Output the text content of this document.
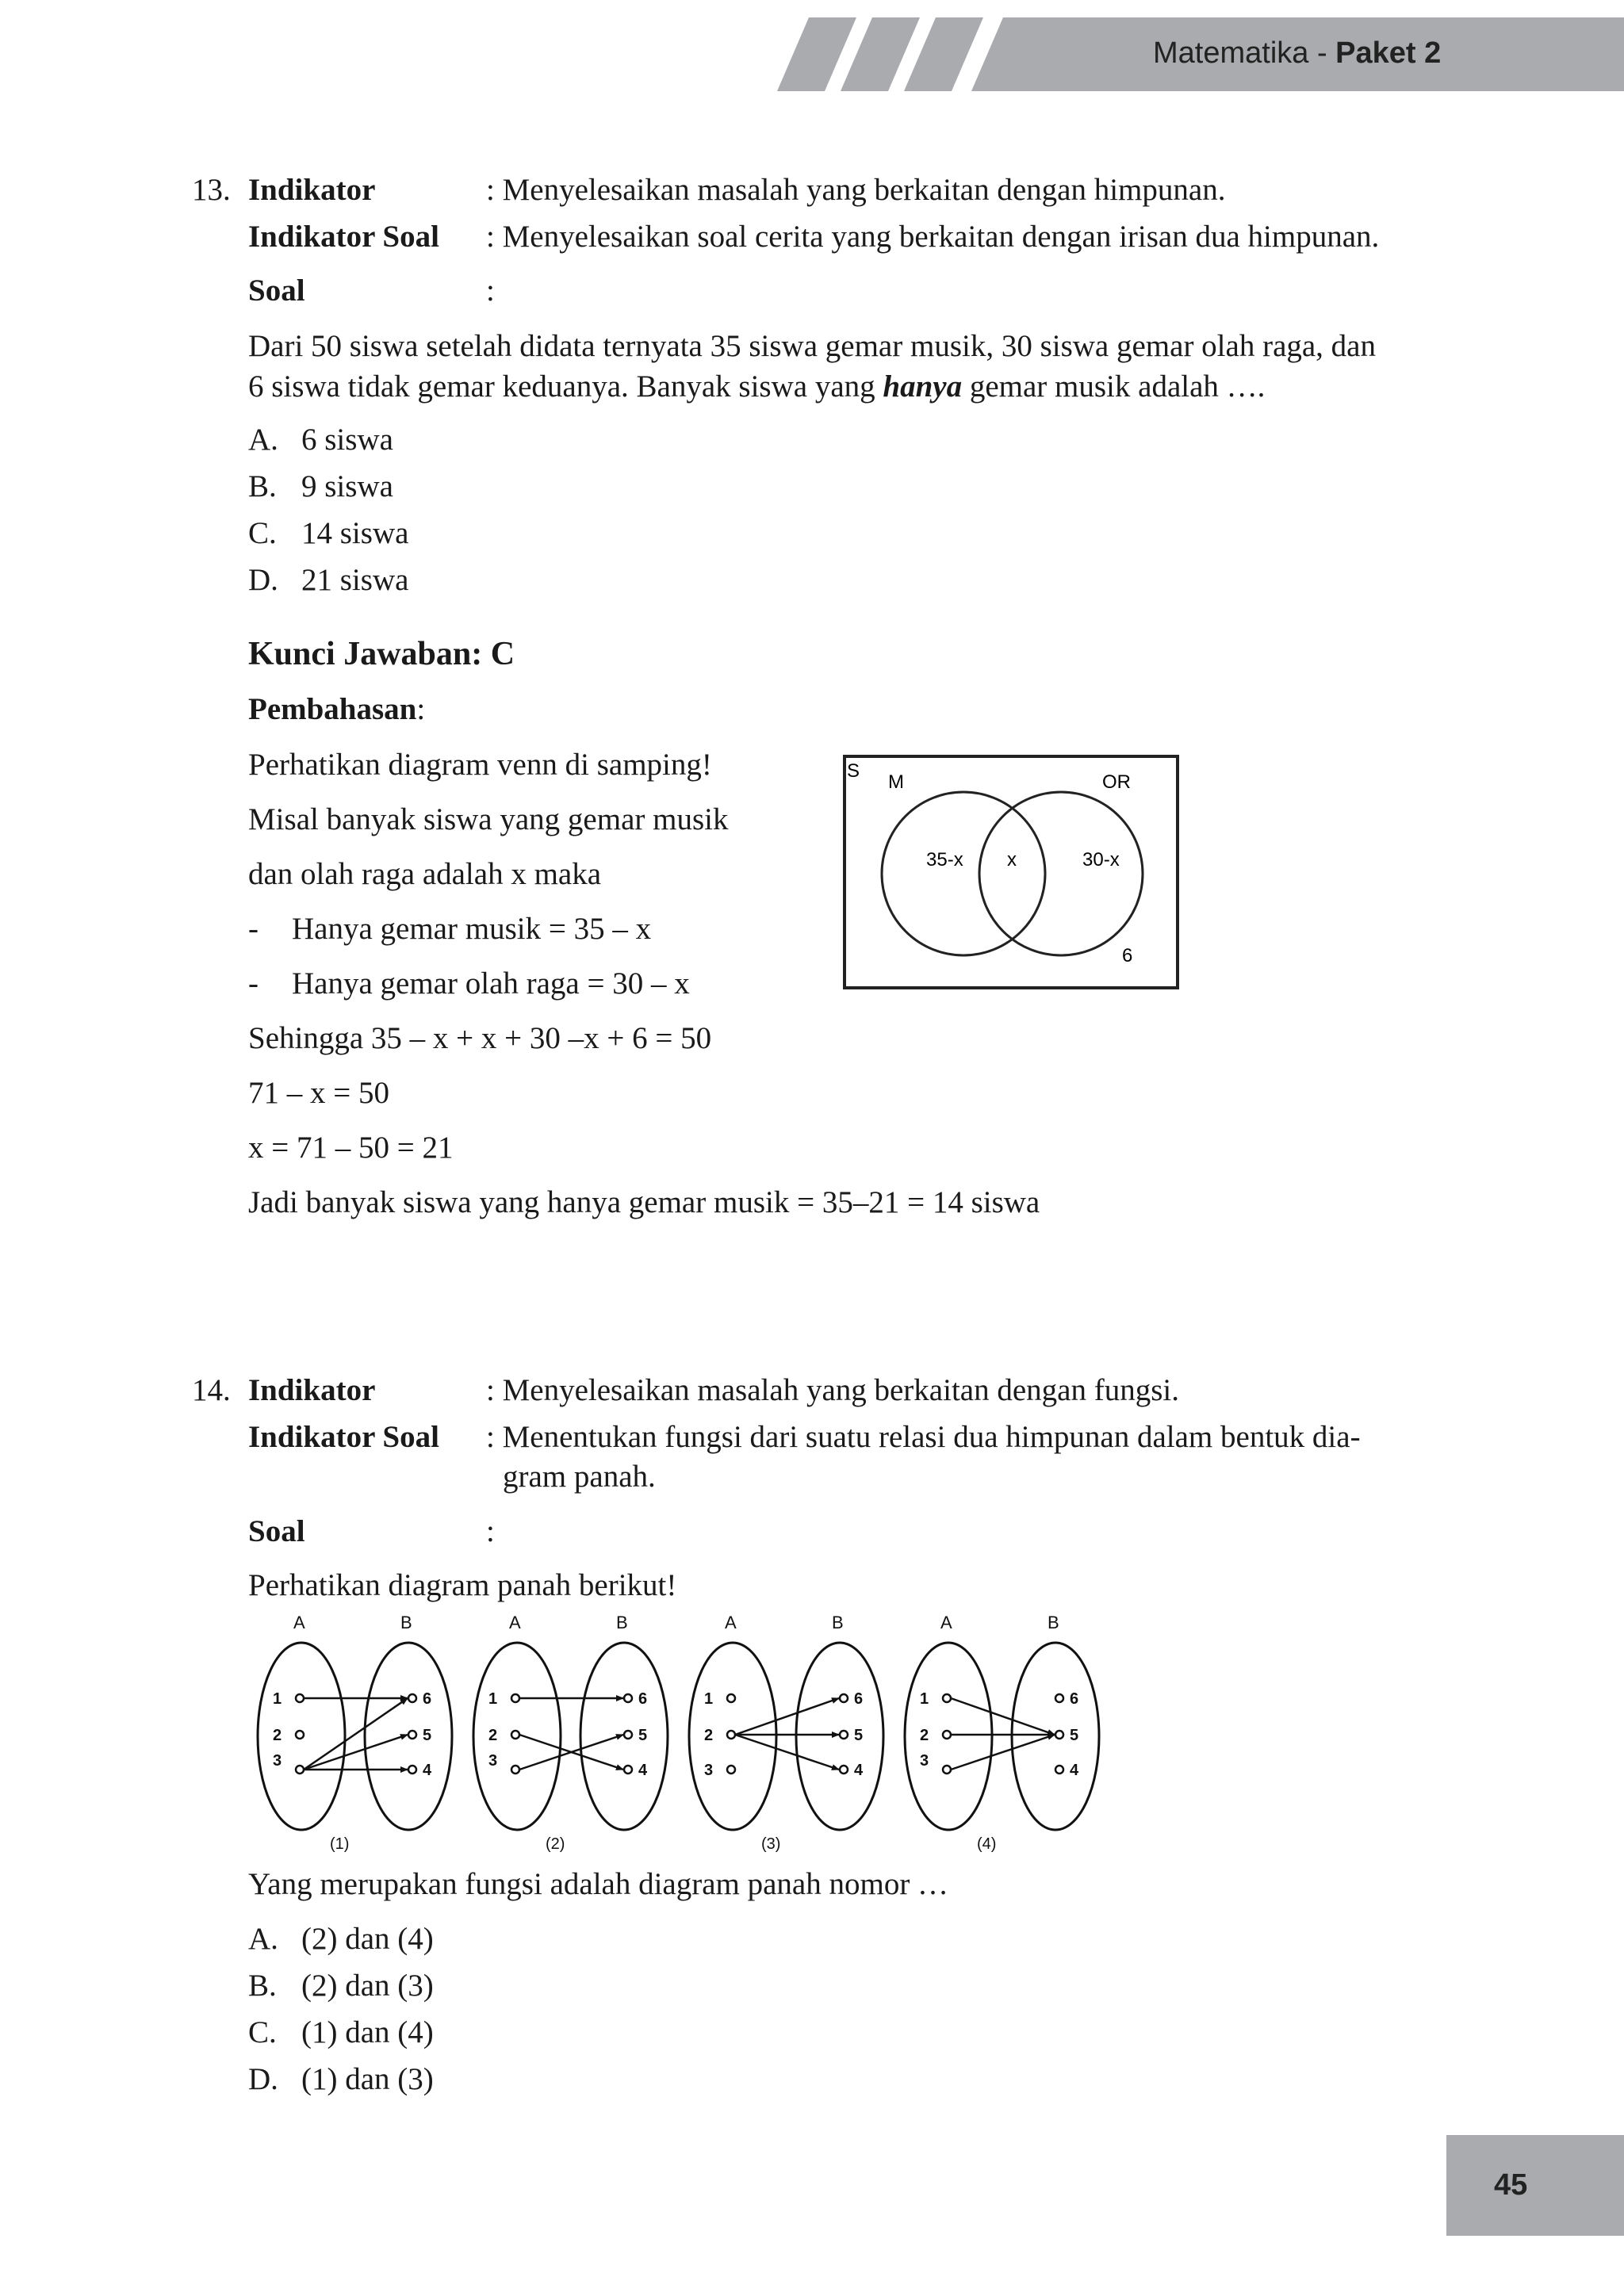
Matematika - Paket 2
13. Indikator	: Menyelesaikan masalah yang berkaitan dengan himpunan.
Indikator Soal : Menyelesaikan soal cerita yang berkaitan dengan irisan dua himpunan.
Soal	:
Dari 50 siswa setelah didata ternyata 35 siswa gemar musik, 30 siswa gemar olah raga, dan
6 siswa tidak gemar keduanya. Banyak siswa yang hanya gemar musik adalah ….
A. 6 siswa
B. 9 siswa
C. 14 siswa
D. 21 siswa
Kunci Jawaban: C
Pembahasan:
Perhatikan diagram venn di samping!
Misal banyak siswa yang gemar musik
dan olah raga adalah x maka
- Hanya gemar musik = 35 – x
- Hanya gemar olah raga = 30 – x
Sehingga 35 – x + x + 30 –x + 6 = 50
71 – x = 50
x = 71 – 50 = 21
Jadi banyak siswa yang hanya gemar musik = 35–21 = 14 siswa
S
M	OR
35-x x	30-x
6
14. Indikator	: Menyelesaikan masalah yang berkaitan dengan fungsi.
Indikator Soal : Menentukan fungsi dari suatu relasi dua himpunan dalam bentuk dia-
gram panah.
Soal	:
Perhatikan diagram panah berikut!
A	B	A	B	A	B	A	B
1
2
3
6
5
4
1
2
3
6
5
4
1
2
3
6
5
4
1
2
3
6
5
4
(1)	(2)	(3)	(4)
Yang merupakan fungsi adalah diagram panah nomor …
A. (2) dan (4)
B. (2) dan (3)
C. (1) dan (4)
D. (1) dan (3)
45
